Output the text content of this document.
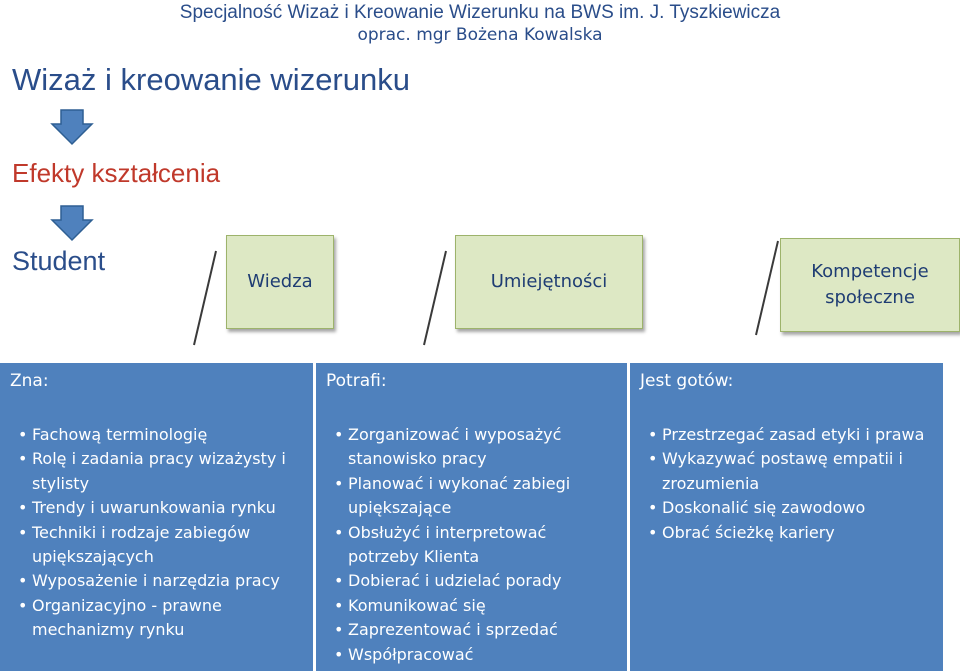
Specjalność Wizaż i Kreowanie Wizerunku na BWS im. J. Tyszkiewicza
oprac. mgr Bożena Kowalska
Wizaż i kreowanie wizerunku
Efekty kształcenia
Student
Wiedza	Umiejętności	Kompetencje
społeczne
Zna:
• Fachową terminologię
• Rolę i zadania pracy wizażysty i stylisty
• Trendy i uwarunkowania rynku
• Techniki i rodzaje zabiegów upiększających
• Wyposażenie i narzędzia pracy
• Organizacyjno - prawne mechanizmy rynku
Potrafi:
• Zorganizować i wyposażyć stanowisko pracy
• Planować i wykonać zabiegi upiększające
• Obsłużyć i interpretować potrzeby Klienta
• Dobierać i udzielać porady
• Komunikować się
• Zaprezentować i sprzedać
• Współpracować
Jest gotów:
• Przestrzegać zasad etyki i prawa
• Wykazywać postawę empatii i zrozumienia
• Doskonalić się zawodowo
• Obrać ścieżkę kariery
